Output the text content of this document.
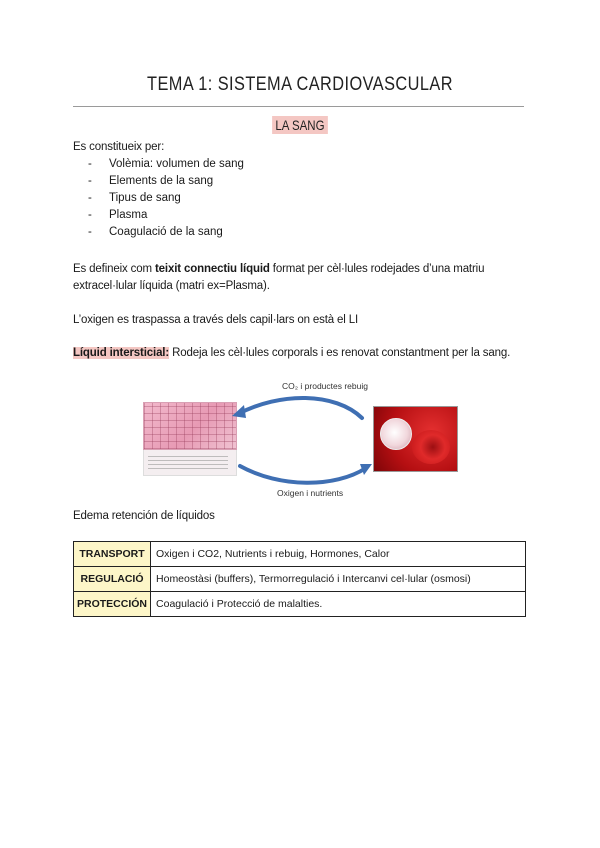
TEMA 1: SISTEMA CARDIOVASCULAR
LA SANG
Es constitueix per:
- Volèmia: volumen de sang
- Elements de la sang
- Tipus de sang
- Plasma
- Coagulació de la sang
Es defineix com teixit connectiu líquid format per cèl·lules rodejades d’una matriu
extracel·lular líquida (matri ex=Plasma).
L’oxigen es traspassa a través dels capil·lars on està el LI
Líquid intersticial: Rodeja les cèl·lules corporals i es renovat constantment per la sang.
CO₂ i productes rebuig
Oxigen i nutrients
Edema retención de líquidos
TRANSPORT	Oxigen i CO2, Nutrients i rebuig, Hormones, Calor
REGULACIÓ	Homeostàsi (buffers), Termorregulació i Intercanvi cel·lular (osmosi)
PROTECCIÓN	Coagulació i Protecció de malalties.
